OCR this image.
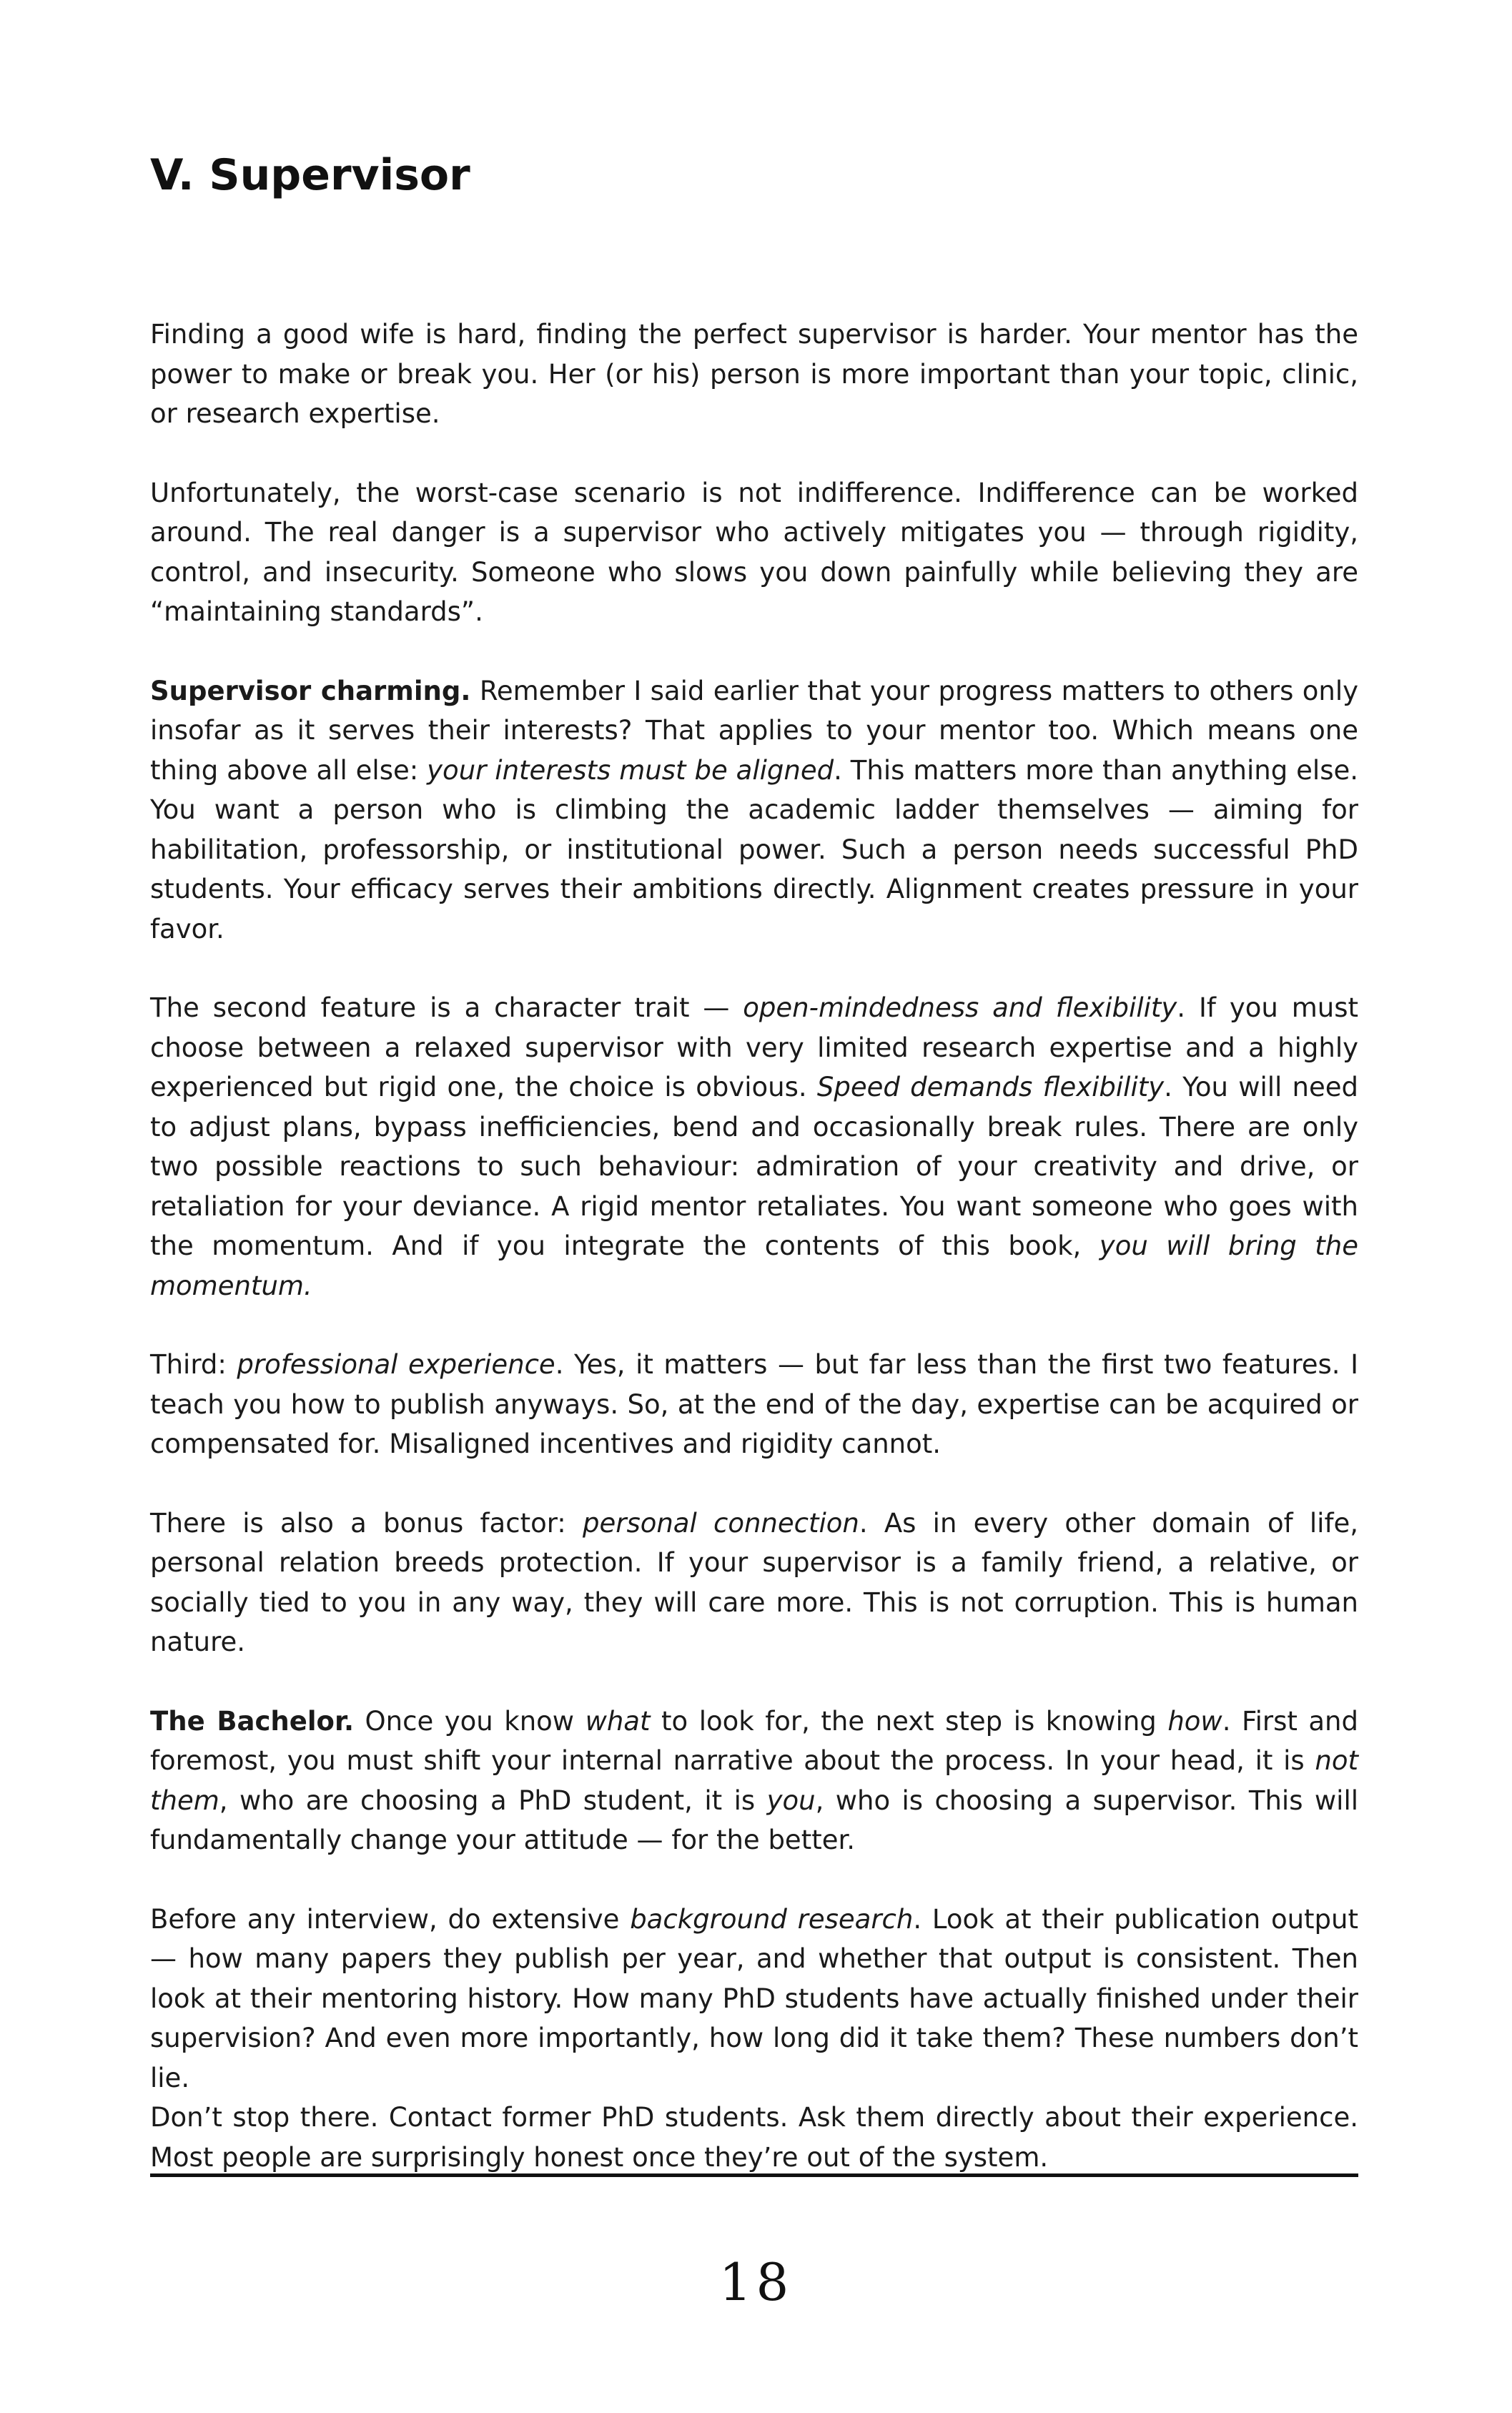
V. Supervisor

Finding a good wife is hard, finding the perfect supervisor is harder. Your mentor has the power to make or break you. Her (or his) person is more important than your topic, clinic, or research expertise.

Unfortunately, the worst-case scenario is not indifference. Indifference can be worked around. The real danger is a supervisor who actively mitigates you — through rigidity, control, and insecurity. Someone who slows you down painfully while believing they are “maintaining standards”.

Supervisor charming. Remember I said earlier that your progress matters to others only insofar as it serves their interests? That applies to your mentor too. Which means one thing above all else: your interests must be aligned. This matters more than anything else. You want a person who is climbing the academic ladder themselves — aiming for habilitation, professorship, or institutional power. Such a person needs successful PhD students. Your efficacy serves their ambitions directly. Alignment creates pressure in your favor.

The second feature is a character trait — open-mindedness and flexibility. If you must choose between a relaxed supervisor with very limited research expertise and a highly experienced but rigid one, the choice is obvious. Speed demands flexibility. You will need to adjust plans, bypass inefficiencies, bend and occasionally break rules. There are only two possible reactions to such behaviour: admiration of your creativity and drive, or retaliation for your deviance. A rigid mentor retaliates. You want someone who goes with the momentum. And if you integrate the contents of this book, you will bring the momentum.

Third: professional experience. Yes, it matters — but far less than the first two features. I teach you how to publish anyways. So, at the end of the day, expertise can be acquired or compensated for. Misaligned incentives and rigidity cannot.

There is also a bonus factor: personal connection. As in every other domain of life, personal relation breeds protection. If your supervisor is a family friend, a relative, or socially tied to you in any way, they will care more. This is not corruption. This is human nature.

The Bachelor. Once you know what to look for, the next step is knowing how. First and foremost, you must shift your internal narrative about the process. In your head, it is not them, who are choosing a PhD student, it is you, who is choosing a supervisor. This will fundamentally change your attitude — for the better.

Before any interview, do extensive background research. Look at their publication output — how many papers they publish per year, and whether that output is consistent. Then look at their mentoring history. How many PhD students have actually finished under their supervision? And even more importantly, how long did it take them? These numbers don’t lie.

Don’t stop there. Contact former PhD students. Ask them directly about their experience. Most people are surprisingly honest once they’re out of the system.

18
